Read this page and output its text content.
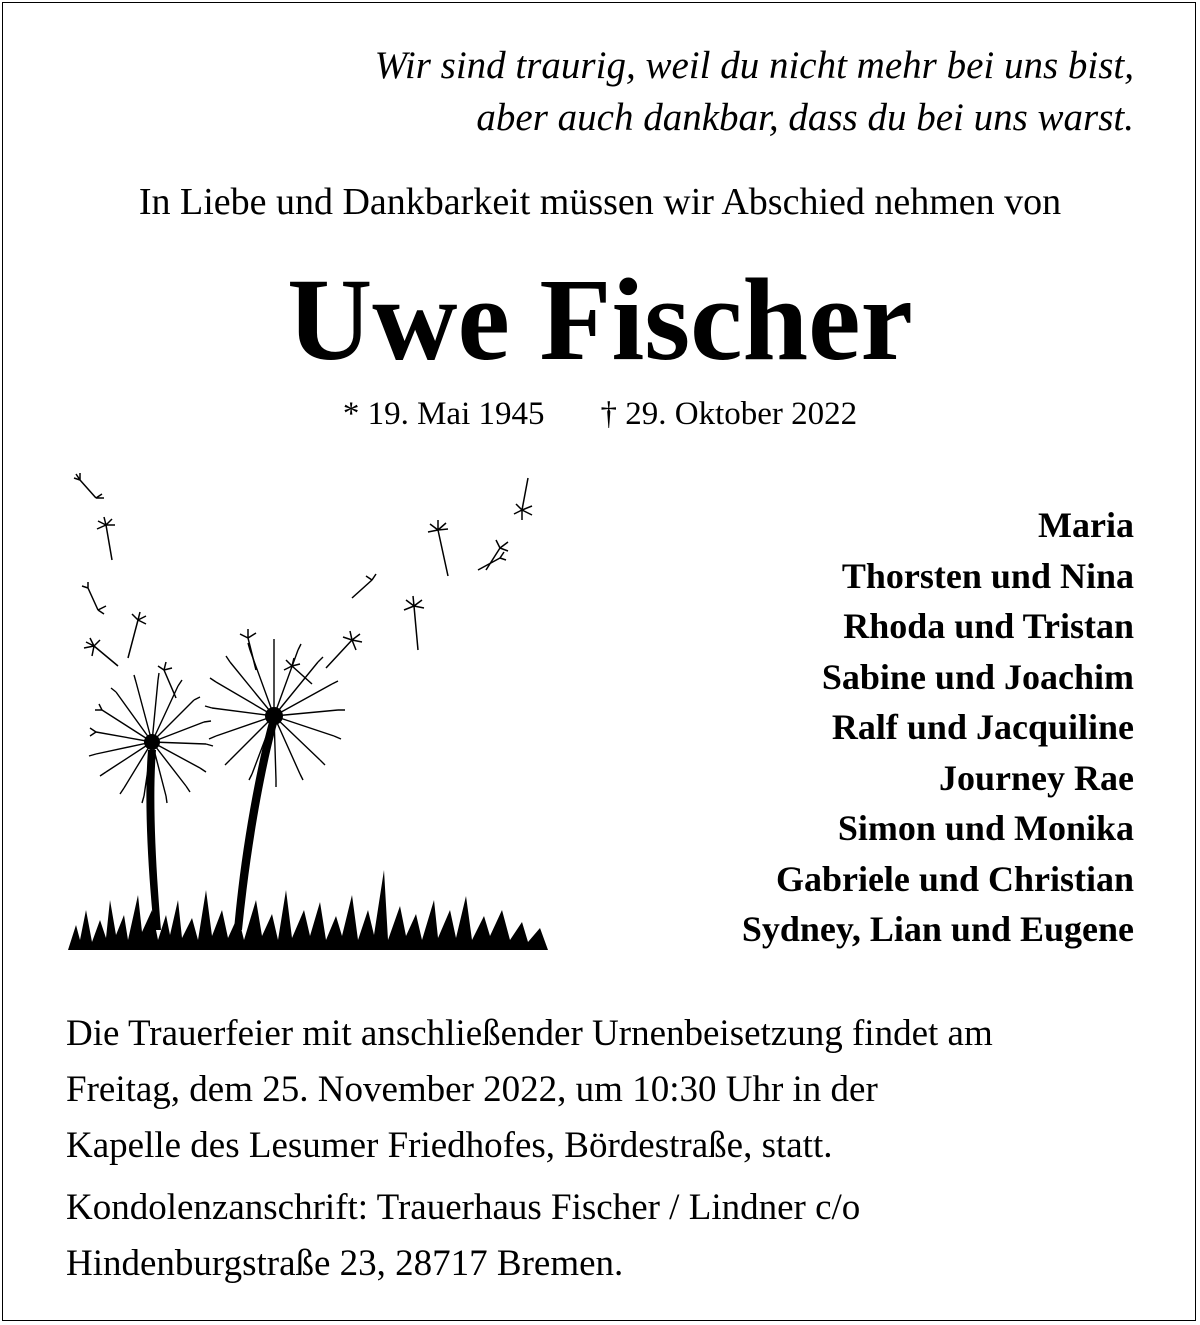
Wir sind traurig, weil du nicht mehr bei uns bist,
aber auch dankbar, dass du bei uns warst.
In Liebe und Dankbarkeit müssen wir Abschied nehmen von
Uwe Fischer
* 19. Mai 1945 † 29. Oktober 2022
Maria
Thorsten und Nina
Rhoda und Tristan
Sabine und Joachim
Ralf und Jacquiline
Journey Rae
Simon und Monika
Gabriele und Christian
Sydney, Lian und Eugene
Die Trauerfeier mit anschließender Urnenbeisetzung findet am
Freitag, dem 25. November 2022, um 10:30 Uhr in der
Kapelle des Lesumer Friedhofes, Bördestraße, statt.
Kondolenzanschrift: Trauerhaus Fischer / Lindner c/o
Hindenburgstraße 23, 28717 Bremen.
